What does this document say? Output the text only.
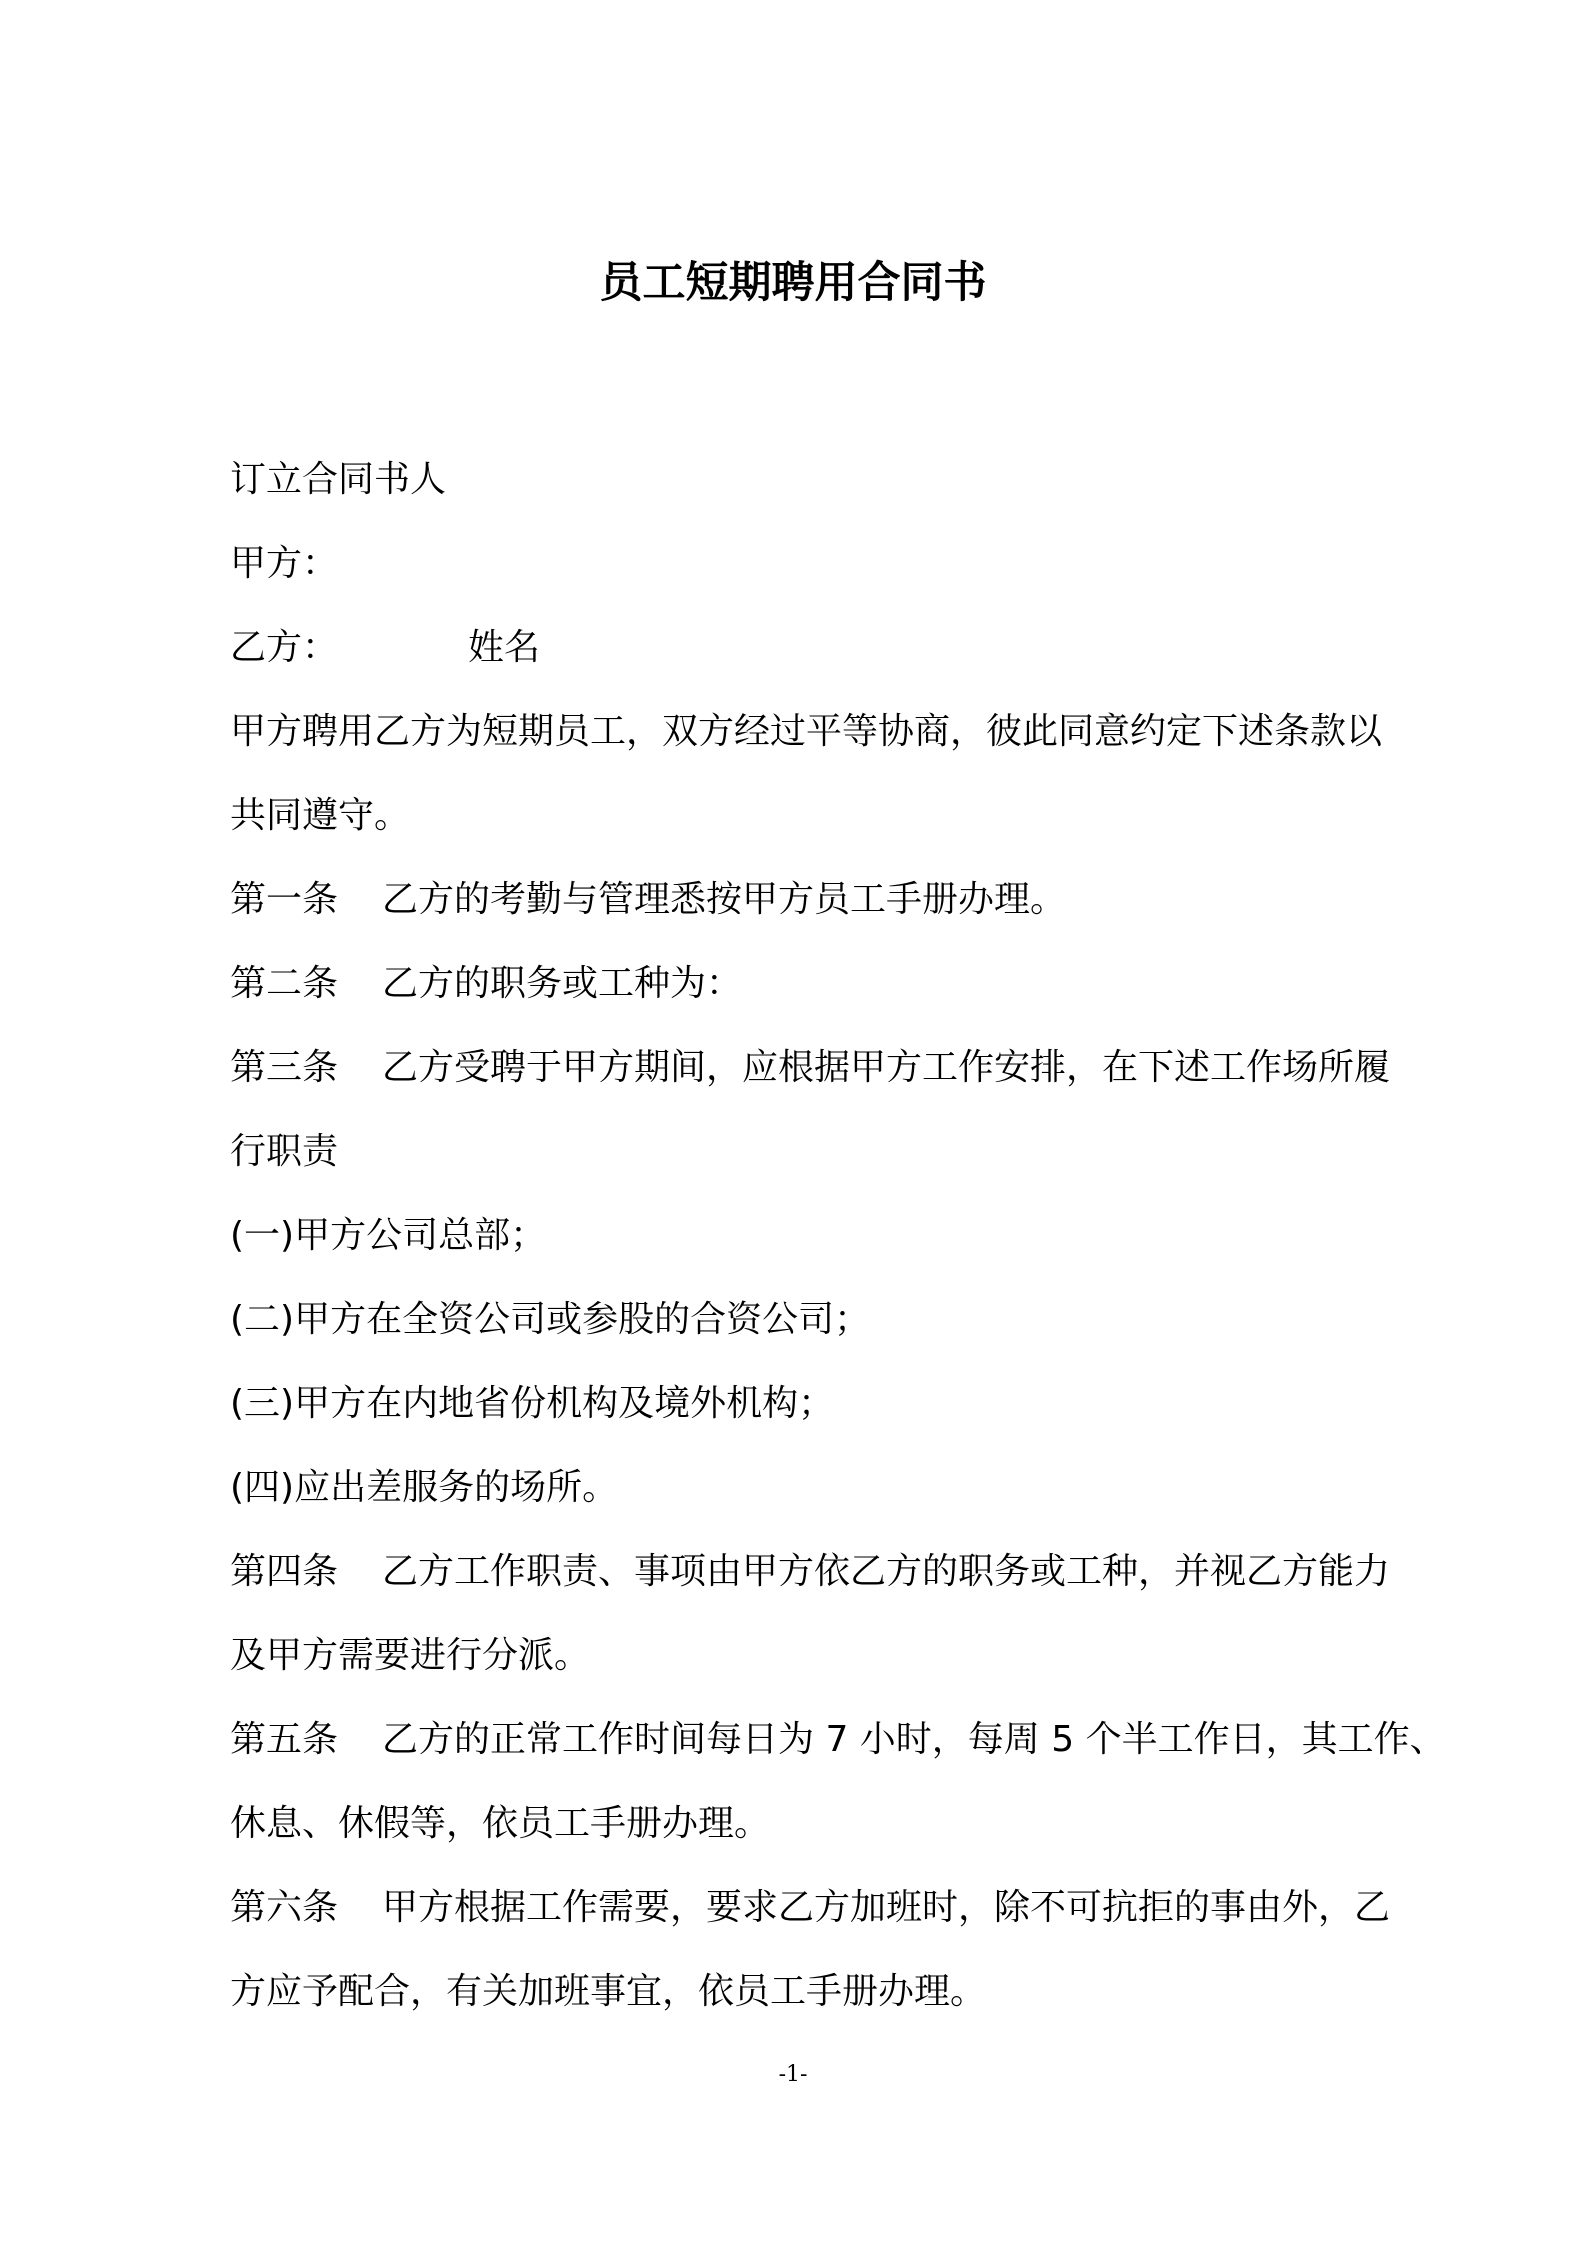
员工短期聘用合同书
订立合同书人
甲方：
乙方：	姓名
甲方聘用乙方为短期员工，双方经过平等协商，彼此同意约定下述条款以
共同遵守。
第一条 乙方的考勤与管理悉按甲方员工手册办理。
第二条 乙方的职务或工种为：
第三条 乙方受聘于甲方期间，应根据甲方工作安排，在下述工作场所履
行职责
(一)甲方公司总部；
(二)甲方在全资公司或参股的合资公司；
(三)甲方在内地省份机构及境外机构；
(四)应出差服务的场所。
第四条 乙方工作职责、事项由甲方依乙方的职务或工种，并视乙方能力
及甲方需要进行分派。
第五条 乙方的正常工作时间每日为 7 小时，每周 5 个半工作日，其工作、
休息、休假等，依员工手册办理。
第六条 甲方根据工作需要，要求乙方加班时，除不可抗拒的事由外，乙
方应予配合，有关加班事宜，依员工手册办理。
-1-
